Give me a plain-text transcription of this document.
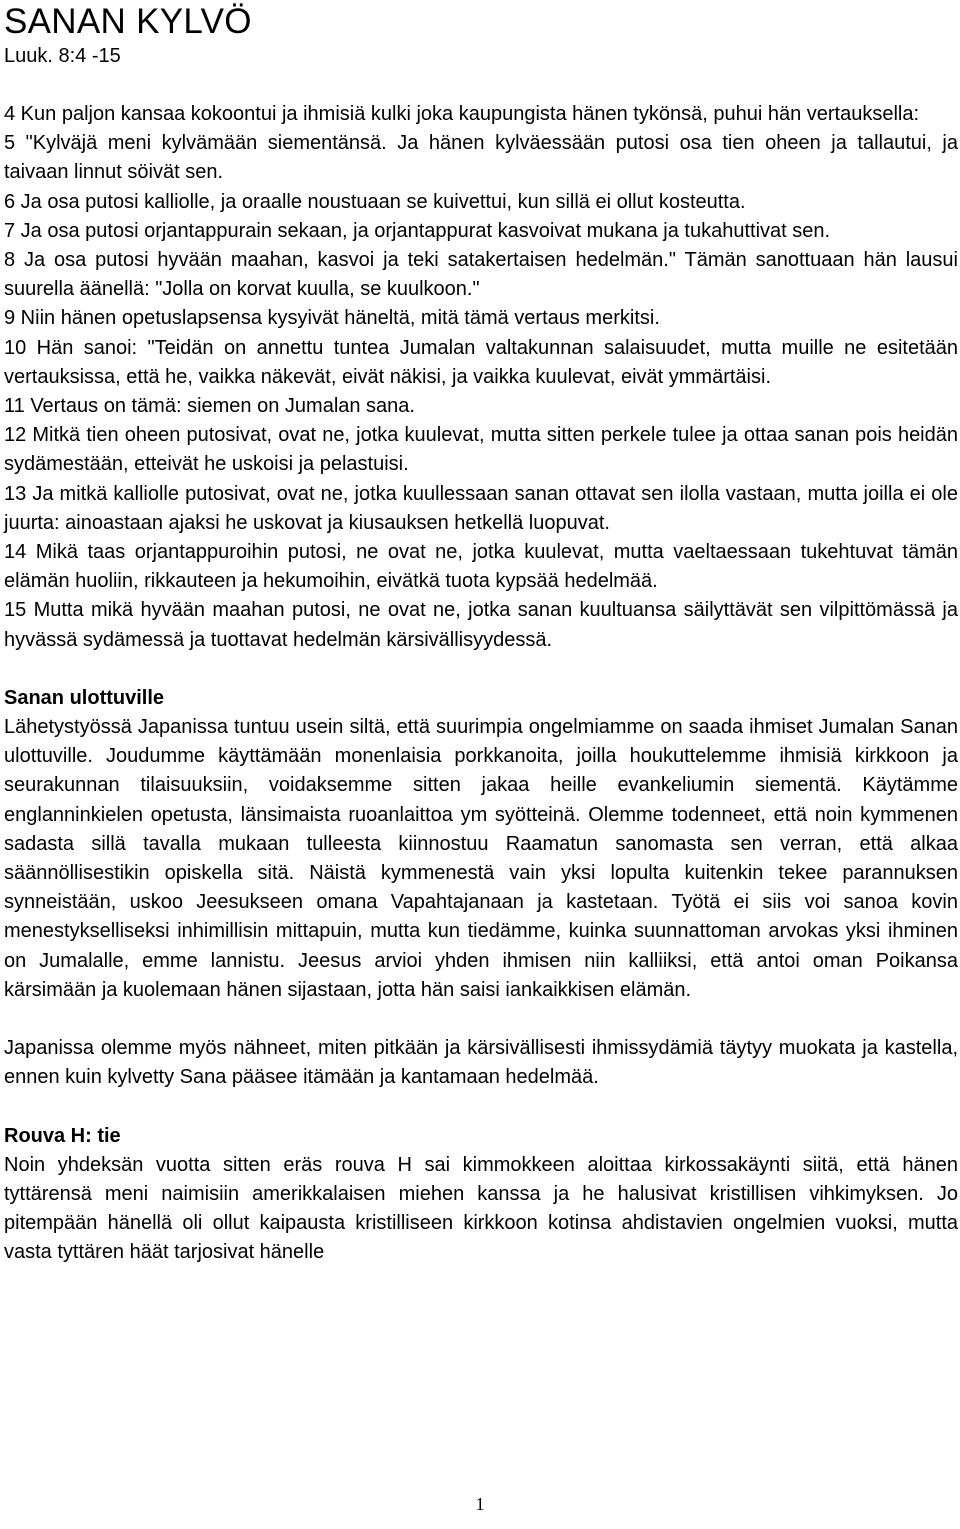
SANAN KYLVÖ
Luuk. 8:4 -15

4 Kun paljon kansaa kokoontui ja ihmisiä kulki joka kaupungista hänen tykönsä, puhui hän vertauksella:

5 "Kylväjä meni kylvämään siementänsä. Ja hänen kylväessään putosi osa tien oheen ja tallautui, ja taivaan linnut söivät sen.

6 Ja osa putosi kalliolle, ja oraalle noustuaan se kuivettui, kun sillä ei ollut kosteutta.

7 Ja osa putosi orjantappurain sekaan, ja orjantappurat kasvoivat mukana ja tukahuttivat sen.

8 Ja osa putosi hyvään maahan, kasvoi ja teki satakertaisen hedelmän." Tämän sanottuaan hän lausui suurella äänellä: "Jolla on korvat kuulla, se kuulkoon."

9 Niin hänen opetuslapsensa kysyivät häneltä, mitä tämä vertaus merkitsi.

10 Hän sanoi: "Teidän on annettu tuntea Jumalan valtakunnan salaisuudet, mutta muille ne esitetään vertauksissa, että he, vaikka näkevät, eivät näkisi, ja vaikka kuulevat, eivät ymmärtäisi.

11 Vertaus on tämä: siemen on Jumalan sana.

12 Mitkä tien oheen putosivat, ovat ne, jotka kuulevat, mutta sitten perkele tulee ja ottaa sanan pois heidän sydämestään, etteivät he uskoisi ja pelastuisi.

13 Ja mitkä kalliolle putosivat, ovat ne, jotka kuullessaan sanan ottavat sen ilolla vastaan, mutta joilla ei ole juurta: ainoastaan ajaksi he uskovat ja kiusauksen hetkellä luopuvat.

14 Mikä taas orjantappuroihin putosi, ne ovat ne, jotka kuulevat, mutta vaeltaessaan tukehtuvat tämän elämän huoliin, rikkauteen ja hekumoihin, eivätkä tuota kypsää hedelmää.

15 Mutta mikä hyvään maahan putosi, ne ovat ne, jotka sanan kuultuansa säilyttävät sen vilpittömässä ja hyvässä sydämessä ja tuottavat hedelmän kärsivällisyydessä.

Sanan ulottuville

Lähetystyössä Japanissa tuntuu usein siltä, että suurimpia ongelmiamme on saada ihmiset Jumalan Sanan ulottuville. Joudumme käyttämään monenlaisia porkkanoita, joilla houkuttelemme ihmisiä kirkkoon ja seurakunnan tilaisuuksiin, voidaksemme sitten jakaa heille evankeliumin siementä. Käytämme englanninkielen opetusta, länsimaista ruoanlaittoa ym syötteinä. Olemme todenneet, että noin kymmenen sadasta sillä tavalla mukaan tulleesta kiinnostuu Raamatun sanomasta sen verran, että alkaa säännöllisestikin opiskella sitä. Näistä kymmenestä vain yksi lopulta kuitenkin tekee parannuksen synneistään, uskoo Jeesukseen omana Vapahtajanaan ja kastetaan. Työtä ei siis voi sanoa kovin menestykselliseksi inhimillisin mittapuin, mutta kun tiedämme, kuinka suunnattoman arvokas yksi ihminen on Jumalalle, emme lannistu. Jeesus arvioi yhden ihmisen niin kalliiksi, että antoi oman Poikansa kärsimään ja kuolemaan hänen sijastaan, jotta hän saisi iankaikkisen elämän.

Japanissa olemme myös nähneet, miten pitkään ja kärsivällisesti ihmissydämiä täytyy muokata ja kastella, ennen kuin kylvetty Sana pääsee itämään ja kantamaan hedelmää.

Rouva H: tie

Noin yhdeksän vuotta sitten eräs rouva H sai kimmokkeen aloittaa kirkossakäynti siitä, että hänen tyttärensä meni naimisiin amerikkalaisen miehen kanssa ja he halusivat kristillisen vihkimyksen. Jo pitempään hänellä oli ollut kaipausta kristilliseen kirkkoon kotinsa ahdistavien ongelmien vuoksi, mutta vasta tyttären häät tarjosivat hänelle

1
